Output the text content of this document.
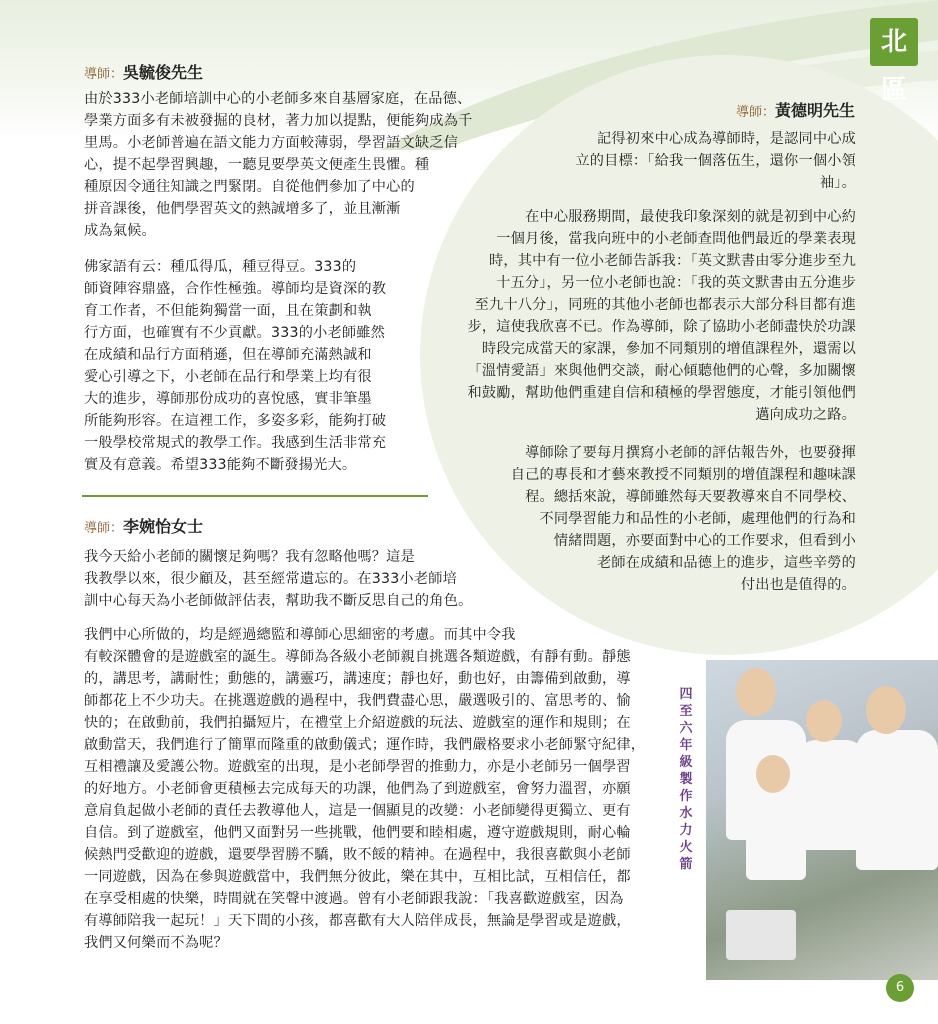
北區
導師：吳毓俊先生

由於333小老師培訓中心的小老師多來自基層家庭，在品德、
學業方面多有未被發掘的良材，著力加以提點，便能夠成為千
里馬。小老師普遍在語文能力方面較薄弱，學習語文缺乏信
心，提不起學習興趣，一聽見要學英文便產生畏懼。種
種原因令通往知識之門緊閉。自從他們參加了中心的
拼音課後，他們學習英文的熱誠增多了，並且漸漸
成為氣候。

佛家語有云：種瓜得瓜，種豆得豆。333的
師資陣容鼎盛，合作性極強。導師均是資深的教
育工作者，不但能夠獨當一面，且在策劃和執
行方面，也確實有不少貢獻。333的小老師雖然
在成績和品行方面稍遜，但在導師充滿熱誠和
愛心引導之下，小老師在品行和學業上均有很
大的進步，導師那份成功的喜悅感，實非筆墨
所能夠形容。在這裡工作，多姿多彩，能夠打破
一般學校常規式的教學工作。我感到生活非常充
實及有意義。希望333能夠不斷發揚光大。

導師：黃德明先生

記得初來中心成為導師時，是認同中心成
立的目標：「給我一個落伍生，還你一個小領
袖」。

在中心服務期間，最使我印象深刻的就是初到中心約
一個月後，當我向班中的小老師查問他們最近的學業表現
時，其中有一位小老師告訴我：「英文默書由零分進步至九
十五分」，另一位小老師也說：「我的英文默書由五分進步
至九十八分」，同班的其他小老師也都表示大部分科目都有進
步，這使我欣喜不已。作為導師，除了協助小老師盡快於功課
時段完成當天的家課，參加不同類別的增值課程外，還需以
「溫情愛語」來與他們交談，耐心傾聽他們的心聲，多加關懷
和鼓勵，幫助他們重建自信和積極的學習態度，才能引領他們
邁向成功之路。

導師除了要每月撰寫小老師的評估報告外，也要發揮
自己的專長和才藝來教授不同類別的增值課程和趣味課
程。總括來說，導師雖然每天要教導來自不同學校、
不同學習能力和品性的小老師，處理他們的行為和
情緒問題，亦要面對中心的工作要求，但看到小
老師在成績和品德上的進步，這些辛勞的
付出也是值得的。

導師：李婉怡女士

我今天給小老師的關懷足夠嗎？我有忽略他嗎？這是
我教學以來，很少顧及，甚至經常遺忘的。在333小老師培
訓中心每天為小老師做評估表，幫助我不斷反思自己的角色。

我們中心所做的，均是經過總監和導師心思細密的考慮。而其中令我
有較深體會的是遊戲室的誕生。導師為各級小老師親自挑選各類遊戲，有靜有動。靜態
的，講思考，講耐性；動態的，講靈巧，講速度；靜也好，動也好，由籌備到啟動，導
師都花上不少功夫。在挑選遊戲的過程中，我們費盡心思，嚴選吸引的、富思考的、愉
快的；在啟動前，我們拍攝短片，在禮堂上介紹遊戲的玩法、遊戲室的運作和規則；在
啟動當天，我們進行了簡單而隆重的啟動儀式；運作時，我們嚴格要求小老師緊守紀律，
互相禮讓及愛護公物。遊戲室的出現，是小老師學習的推動力，亦是小老師另一個學習
的好地方。小老師會更積極去完成每天的功課，他們為了到遊戲室，會努力溫習，亦願
意肩負起做小老師的責任去教導他人，這是一個顯見的改變：小老師變得更獨立、更有
自信。到了遊戲室，他們又面對另一些挑戰，他們要和睦相處，遵守遊戲規則，耐心輪
候熱門受歡迎的遊戲，還要學習勝不驕，敗不餒的精神。在過程中，我很喜歡與小老師
一同遊戲，因為在參與遊戲當中，我們無分彼此，樂在其中，互相比試，互相信任，都
在享受相處的快樂，時間就在笑聲中渡過。曾有小老師跟我說：「我喜歡遊戲室，因為
有導師陪我一起玩！」天下間的小孩，都喜歡有大人陪伴成長，無論是學習或是遊戲，
我們又何樂而不為呢？

四
至
六
年
級
製
作
水
力
火
箭
6
